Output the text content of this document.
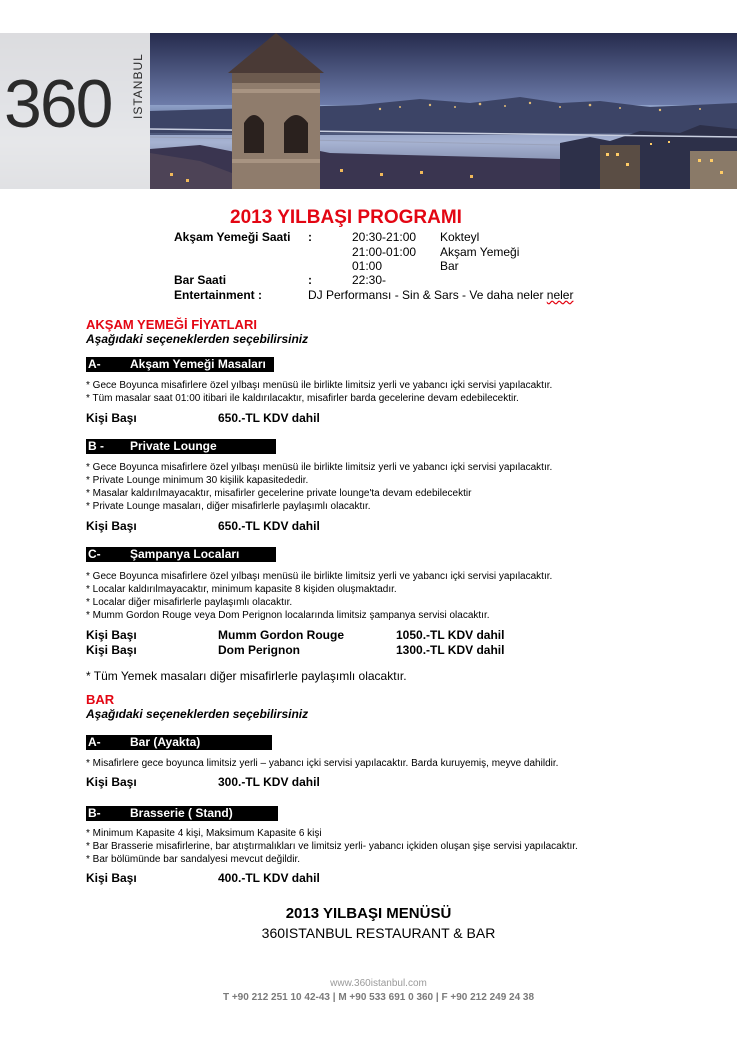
360 ISTANBUL
2013 YILBAŞI PROGRAMI
Akşam Yemeği Saati :	20:30-21:00 Kokteyl
21:00-01:00 Akşam Yemeği
01:00	Bar
Bar Saati	:	22:30-
Entertainment :	DJ Performansı - Sin & Sars - Ve daha neler neler
AKŞAM YEMEĞİ FİYATLARI
Aşağıdaki seçeneklerden seçebilirsiniz
A- Akşam Yemeği Masaları
* Gece Boyunca misafirlere özel yılbaşı menüsü ile birlikte limitsiz yerli ve yabancı içki servisi yapılacaktır.
* Tüm masalar saat 01:00 itibari ile kaldırılacaktır, misafirler barda gecelerine devam edebilecektir.
Kişi Başı	650.-TL KDV dahil
B - Private Lounge
* Gece Boyunca misafirlere özel yılbaşı menüsü ile birlikte limitsiz yerli ve yabancı içki servisi yapılacaktır.
* Private Lounge minimum 30 kişilik kapasitededir.
* Masalar kaldırılmayacaktır, misafirler gecelerine private lounge'ta devam edebilecektir
* Private Lounge masaları, diğer misafirlerle paylaşımlı olacaktır.
Kişi Başı	650.-TL KDV dahil
C- Şampanya Locaları
* Gece Boyunca misafirlere özel yılbaşı menüsü ile birlikte limitsiz yerli ve yabancı içki servisi yapılacaktır.
* Localar kaldırılmayacaktır, minimum kapasite 8 kişiden oluşmaktadır.
* Localar diğer misafirlerle paylaşımlı olacaktır.
* Mumm Gordon Rouge veya Dom Perignon localarında limitsiz şampanya servisi olacaktır.
Kişi Başı	Mumm Gordon Rouge	1050.-TL KDV dahil
Kişi Başı	Dom Perignon	1300.-TL KDV dahil
* Tüm Yemek masaları diğer misafirlerle paylaşımlı olacaktır.
BAR
Aşağıdaki seçeneklerden seçebilirsiniz
A- Bar (Ayakta)
* Misafirlere gece boyunca limitsiz yerli – yabancı içki servisi yapılacaktır. Barda kuruyemiş, meyve dahildir.
Kişi Başı	300.-TL KDV dahil
B- Brasserie ( Stand)
* Minimum Kapasite 4 kişi, Maksimum Kapasite 6 kişi
* Bar Brasserie misafirlerine, bar atıştırmalıkları ve limitsiz yerli- yabancı içkiden oluşan şişe servisi yapılacaktır.
* Bar bölümünde bar sandalyesi mevcut değildir.
Kişi Başı	400.-TL KDV dahil
2013 YILBAŞI MENÜSÜ
360ISTANBUL RESTAURANT & BAR
www.360istanbul.com
T +90 212 251 10 42-43 | M +90 533 691 0 360 | F +90 212 249 24 38
